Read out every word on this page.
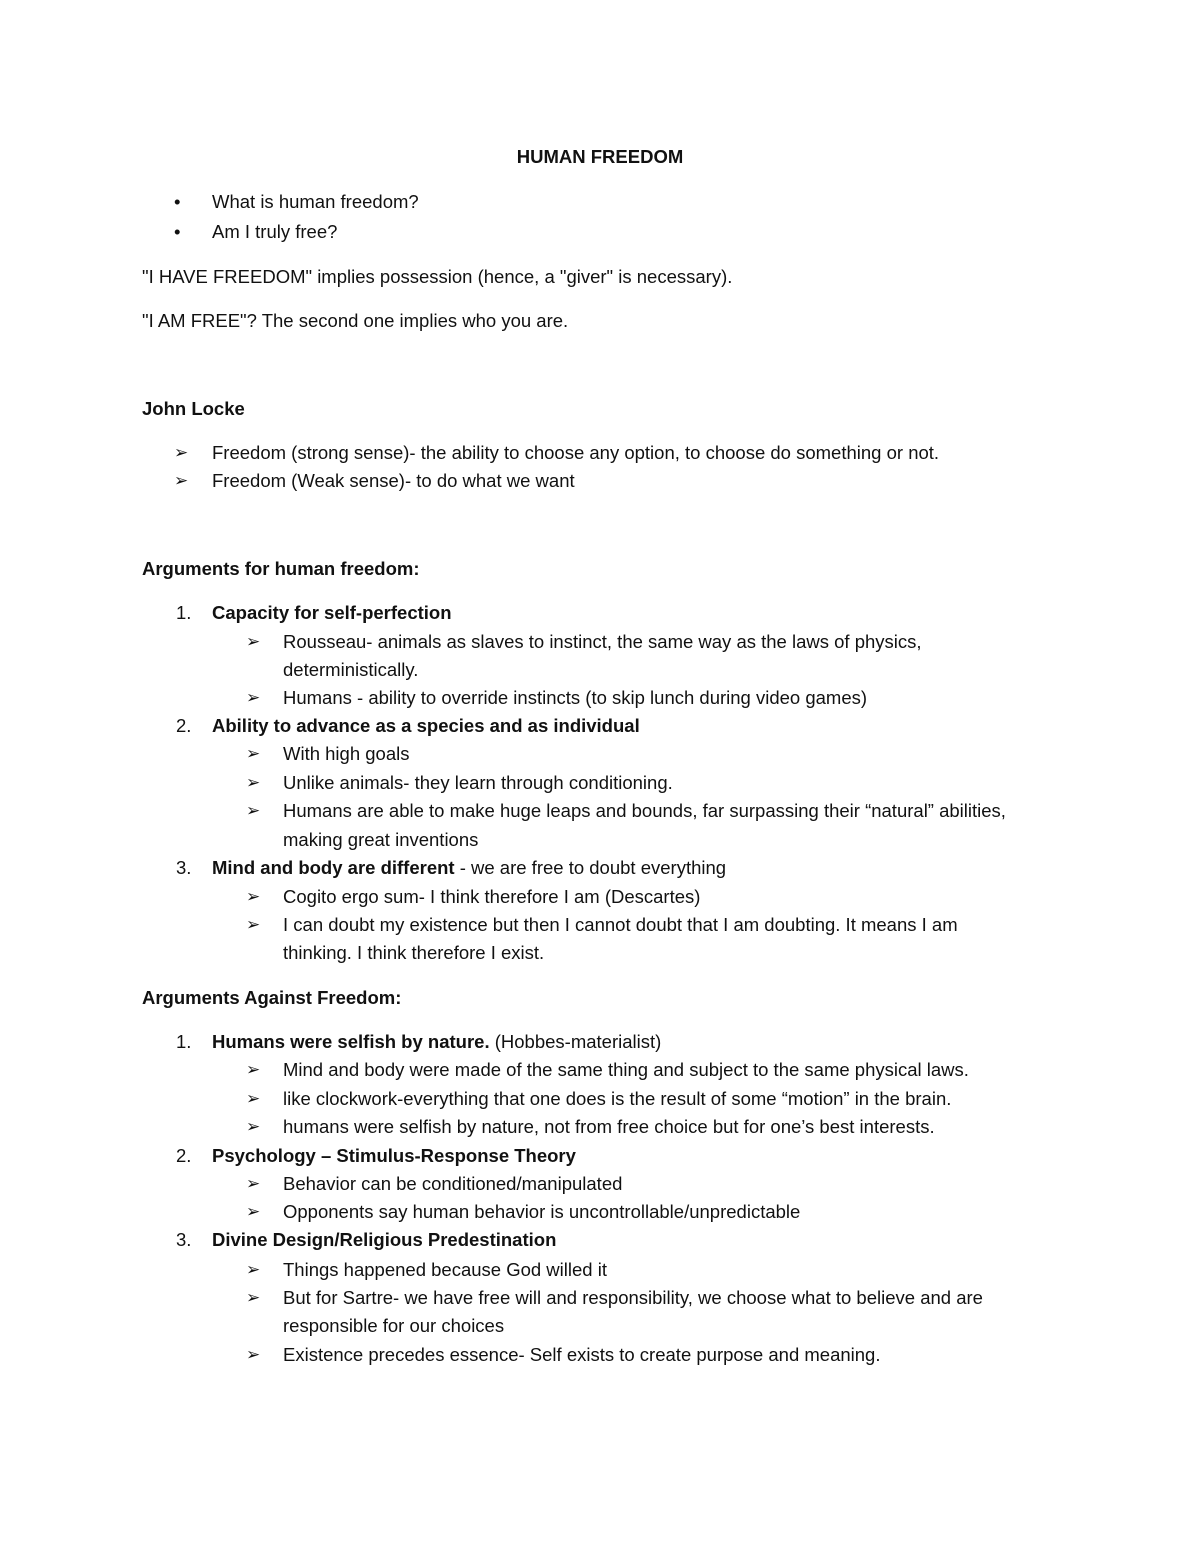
HUMAN FREEDOM
• What is human freedom?
• Am I truly free?
"I HAVE FREEDOM" implies possession (hence, a "giver" is necessary).
"I AM FREE"? The second one implies who you are.
John Locke
➢ Freedom (strong sense)- the ability to choose any option, to choose do something or not.
➢ Freedom (Weak sense)- to do what we want
Arguments for human freedom:
1. Capacity for self-perfection
➢ Rousseau- animals as slaves to instinct, the same way as the laws of physics,
deterministically.
➢ Humans - ability to override instincts (to skip lunch during video games)
2. Ability to advance as a species and as individual
➢ With high goals
➢ Unlike animals- they learn through conditioning.
➢ Humans are able to make huge leaps and bounds, far surpassing their “natural” abilities,
making great inventions
3. Mind and body are different - we are free to doubt everything
➢ Cogito ergo sum- I think therefore I am (Descartes)
➢ I can doubt my existence but then I cannot doubt that I am doubting. It means I am
thinking. I think therefore I exist.
Arguments Against Freedom:
1. Humans were selfish by nature. (Hobbes-materialist)
➢ Mind and body were made of the same thing and subject to the same physical laws.
➢ like clockwork-everything that one does is the result of some “motion” in the brain.
➢ humans were selfish by nature, not from free choice but for one’s best interests.
2. Psychology – Stimulus-Response Theory
➢ Behavior can be conditioned/manipulated
➢ Opponents say human behavior is uncontrollable/unpredictable
3. Divine Design/Religious Predestination
➢ Things happened because God willed it
➢ But for Sartre- we have free will and responsibility, we choose what to believe and are
responsible for our choices
➢ Existence precedes essence- Self exists to create purpose and meaning.
